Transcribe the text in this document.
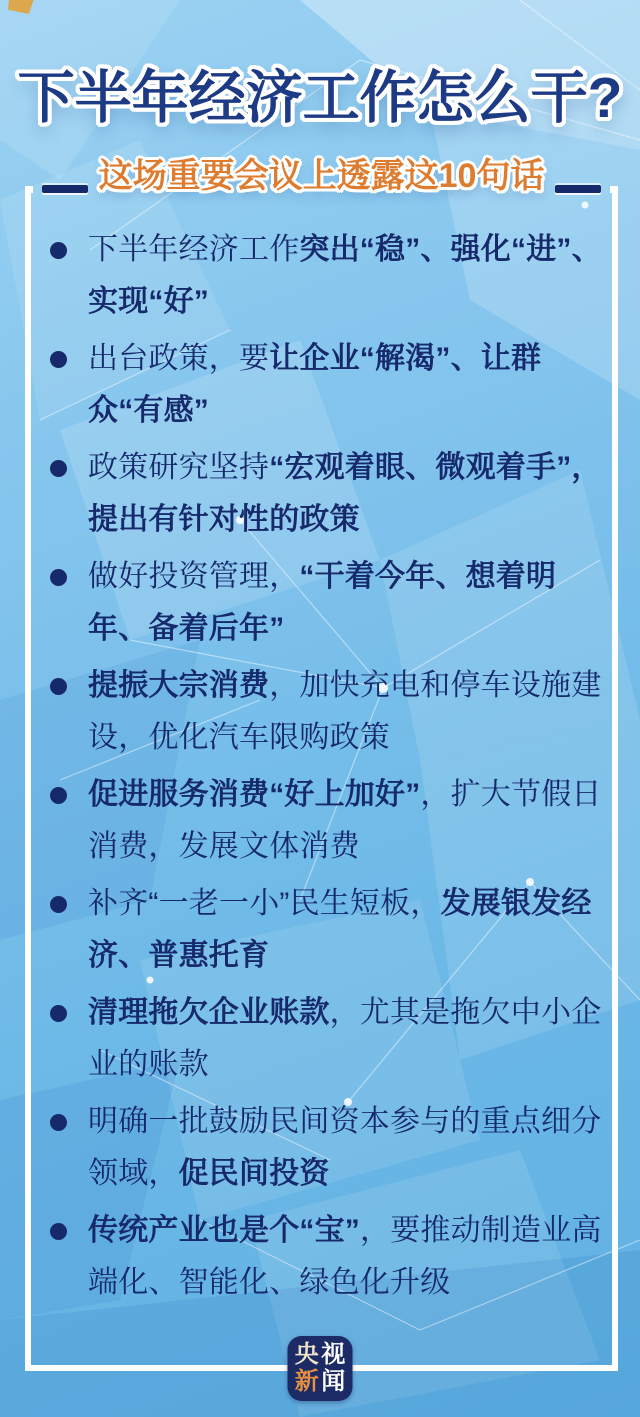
下半年经济工作怎么干?
这场重要会议上透露这10句话

下半年经济工作突出“稳”、强化“进”、实现“好”

出台政策，要让企业“解渴”、让群众“有感”

政策研究坚持“宏观着眼、微观着手”，提出有针对性的政策

做好投资管理，“干着今年、想着明年、备着后年”

提振大宗消费，加快充电和停车设施建设，优化汽车限购政策

促进服务消费“好上加好”，扩大节假日消费，发展文体消费

补齐“一老一小”民生短板，发展银发经济、普惠托育

清理拖欠企业账款，尤其是拖欠中小企业的账款

明确一批鼓励民间资本参与的重点细分领域，促民间投资

传统产业也是个“宝”，要推动制造业高端化、智能化、绿色化升级

央 视
新 闻
